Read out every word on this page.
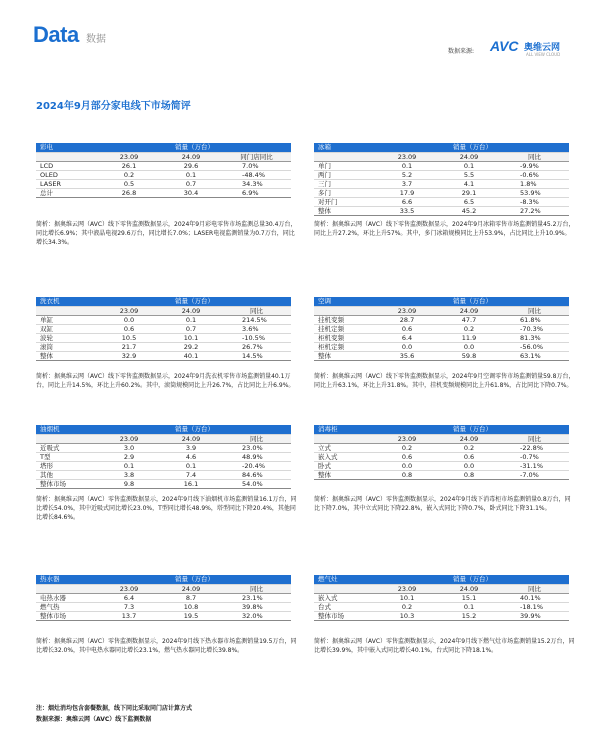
Data 数据
数据来源: AVC 奥维云网
ALL VIEW CLOUD
2024年9月部分家电线下市场简评
彩电	销量（万台）		
	23.09	24.09	同门店同比
LCD	26.1	29.6	7.0%
OLED	0.2	0.1	-48.4%
LASER	0.5	0.7	34.3%
总计	26.8	30.4	6.9%
简析：据奥维云网（AVC）线下零售监测数据显示，2024年9月彩电零售市场监测总量30.4万台，同比增长6.9%；其中液晶电视29.6万台，同比增长7.0%；LASER电视监测销量为0.7万台，同比增长34.3%。
冰箱	销量（万台）		
	23.09	24.09	同比
单门	0.1	0.1	-9.9%
两门	5.2	5.5	-0.6%
三门	3.7	4.1	1.8%
多门	17.9	29.1	53.9%
对开门	6.6	6.5	-8.3%
整体	33.5	45.2	27.2%
简析：据奥维云网（AVC）线下零售监测数据显示，2024年9月冰箱零售市场监测销量45.2万台，同比上升27.2%，环比上升57%。其中，多门冰箱规模同比上升53.9%，占比同比上升10.9%。
洗衣机	销量（万台）		
	23.09	24.09	同比
单缸	0.0	0.1	214.5%
双缸	0.6	0.7	3.6%
波轮	10.5	10.1	-10.5%
滚筒	21.7	29.2	26.7%
整体	32.9	40.1	14.5%
简析：据奥维云网（AVC）线下零售监测数据显示，2024年9月洗衣机零售市场监测销量40.1万台，同比上升14.5%，环比上升60.2%。其中，滚筒规模同比上升26.7%，占比同比上升6.9%。
空调	销量（万台）		
	23.09	24.09	同比
挂机变频	28.7	47.7	61.8%
挂机定频	0.6	0.2	-70.3%
柜机变频	6.4	11.9	81.3%
柜机定频	0.0	0.0	-56.0%
整体	35.6	59.8	63.1%
简析：据奥维云网（AVC）线下零售监测数据显示，2024年9月空调零售市场监测销量59.8万台，同比上升63.1%，环比上升31.8%。其中，挂机变频规模同比上升61.8%，占比同比下降0.7%。
油烟机	销量（万台）		
	23.09	24.09	同比
近吸式	3.0	3.9	23.0%
T型	2.9	4.6	48.9%
塔形	0.1	0.1	-20.4%
其他	3.8	7.4	84.6%
整体市场	9.8	16.1	54.0%
简析：据奥维云网（AVC）零售监测数据显示，2024年9月线下油烟机市场监测销量16.1万台，同比增长54.0%，其中近吸式同比增长23.0%，T型同比增长48.9%，塔型同比下降20.4%，其他同比增长84.6%。
消毒柜	销量（万台）		
	23.09	24.09	同比
立式	0.2	0.2	-22.8%
嵌入式	0.6	0.6	-0.7%
卧式	0.0	0.0	-31.1%
整体	0.8	0.8	-7.0%
简析：据奥维云网（AVC）零售监测数据显示，2024年9月线下消毒柜市场监测销量0.8万台，同比下降7.0%，其中立式同比下降22.8%，嵌入式同比下降0.7%，卧式同比下降31.1%。
热水器	销量（万台）		
	23.09	24.09	同比
电热水器	6.4	8.7	23.1%
燃气热	7.3	10.8	39.8%
整体市场	13.7	19.5	32.0%
简析：据奥维云网（AVC）零售监测数据显示，2024年9月线下热水器市场监测销量19.5万台，同比增长32.0%，其中电热水器同比增长23.1%，燃气热水器同比增长39.8%。
燃气灶	销量（万台）		
	23.09	24.09	同比
嵌入式	10.1	15.1	40.1%
台式	0.2	0.1	-18.1%
整体市场	10.3	15.2	39.9%
简析：据奥维云网（AVC）零售监测数据显示，2024年9月线下燃气灶市场监测销量15.2万台，同比增长39.9%，其中嵌入式同比增长40.1%，台式同比下降18.1%。
注：烟灶消均包含套餐数据，线下同比采取同门店计算方式
数据来源：奥维云网（AVC）线下监测数据
